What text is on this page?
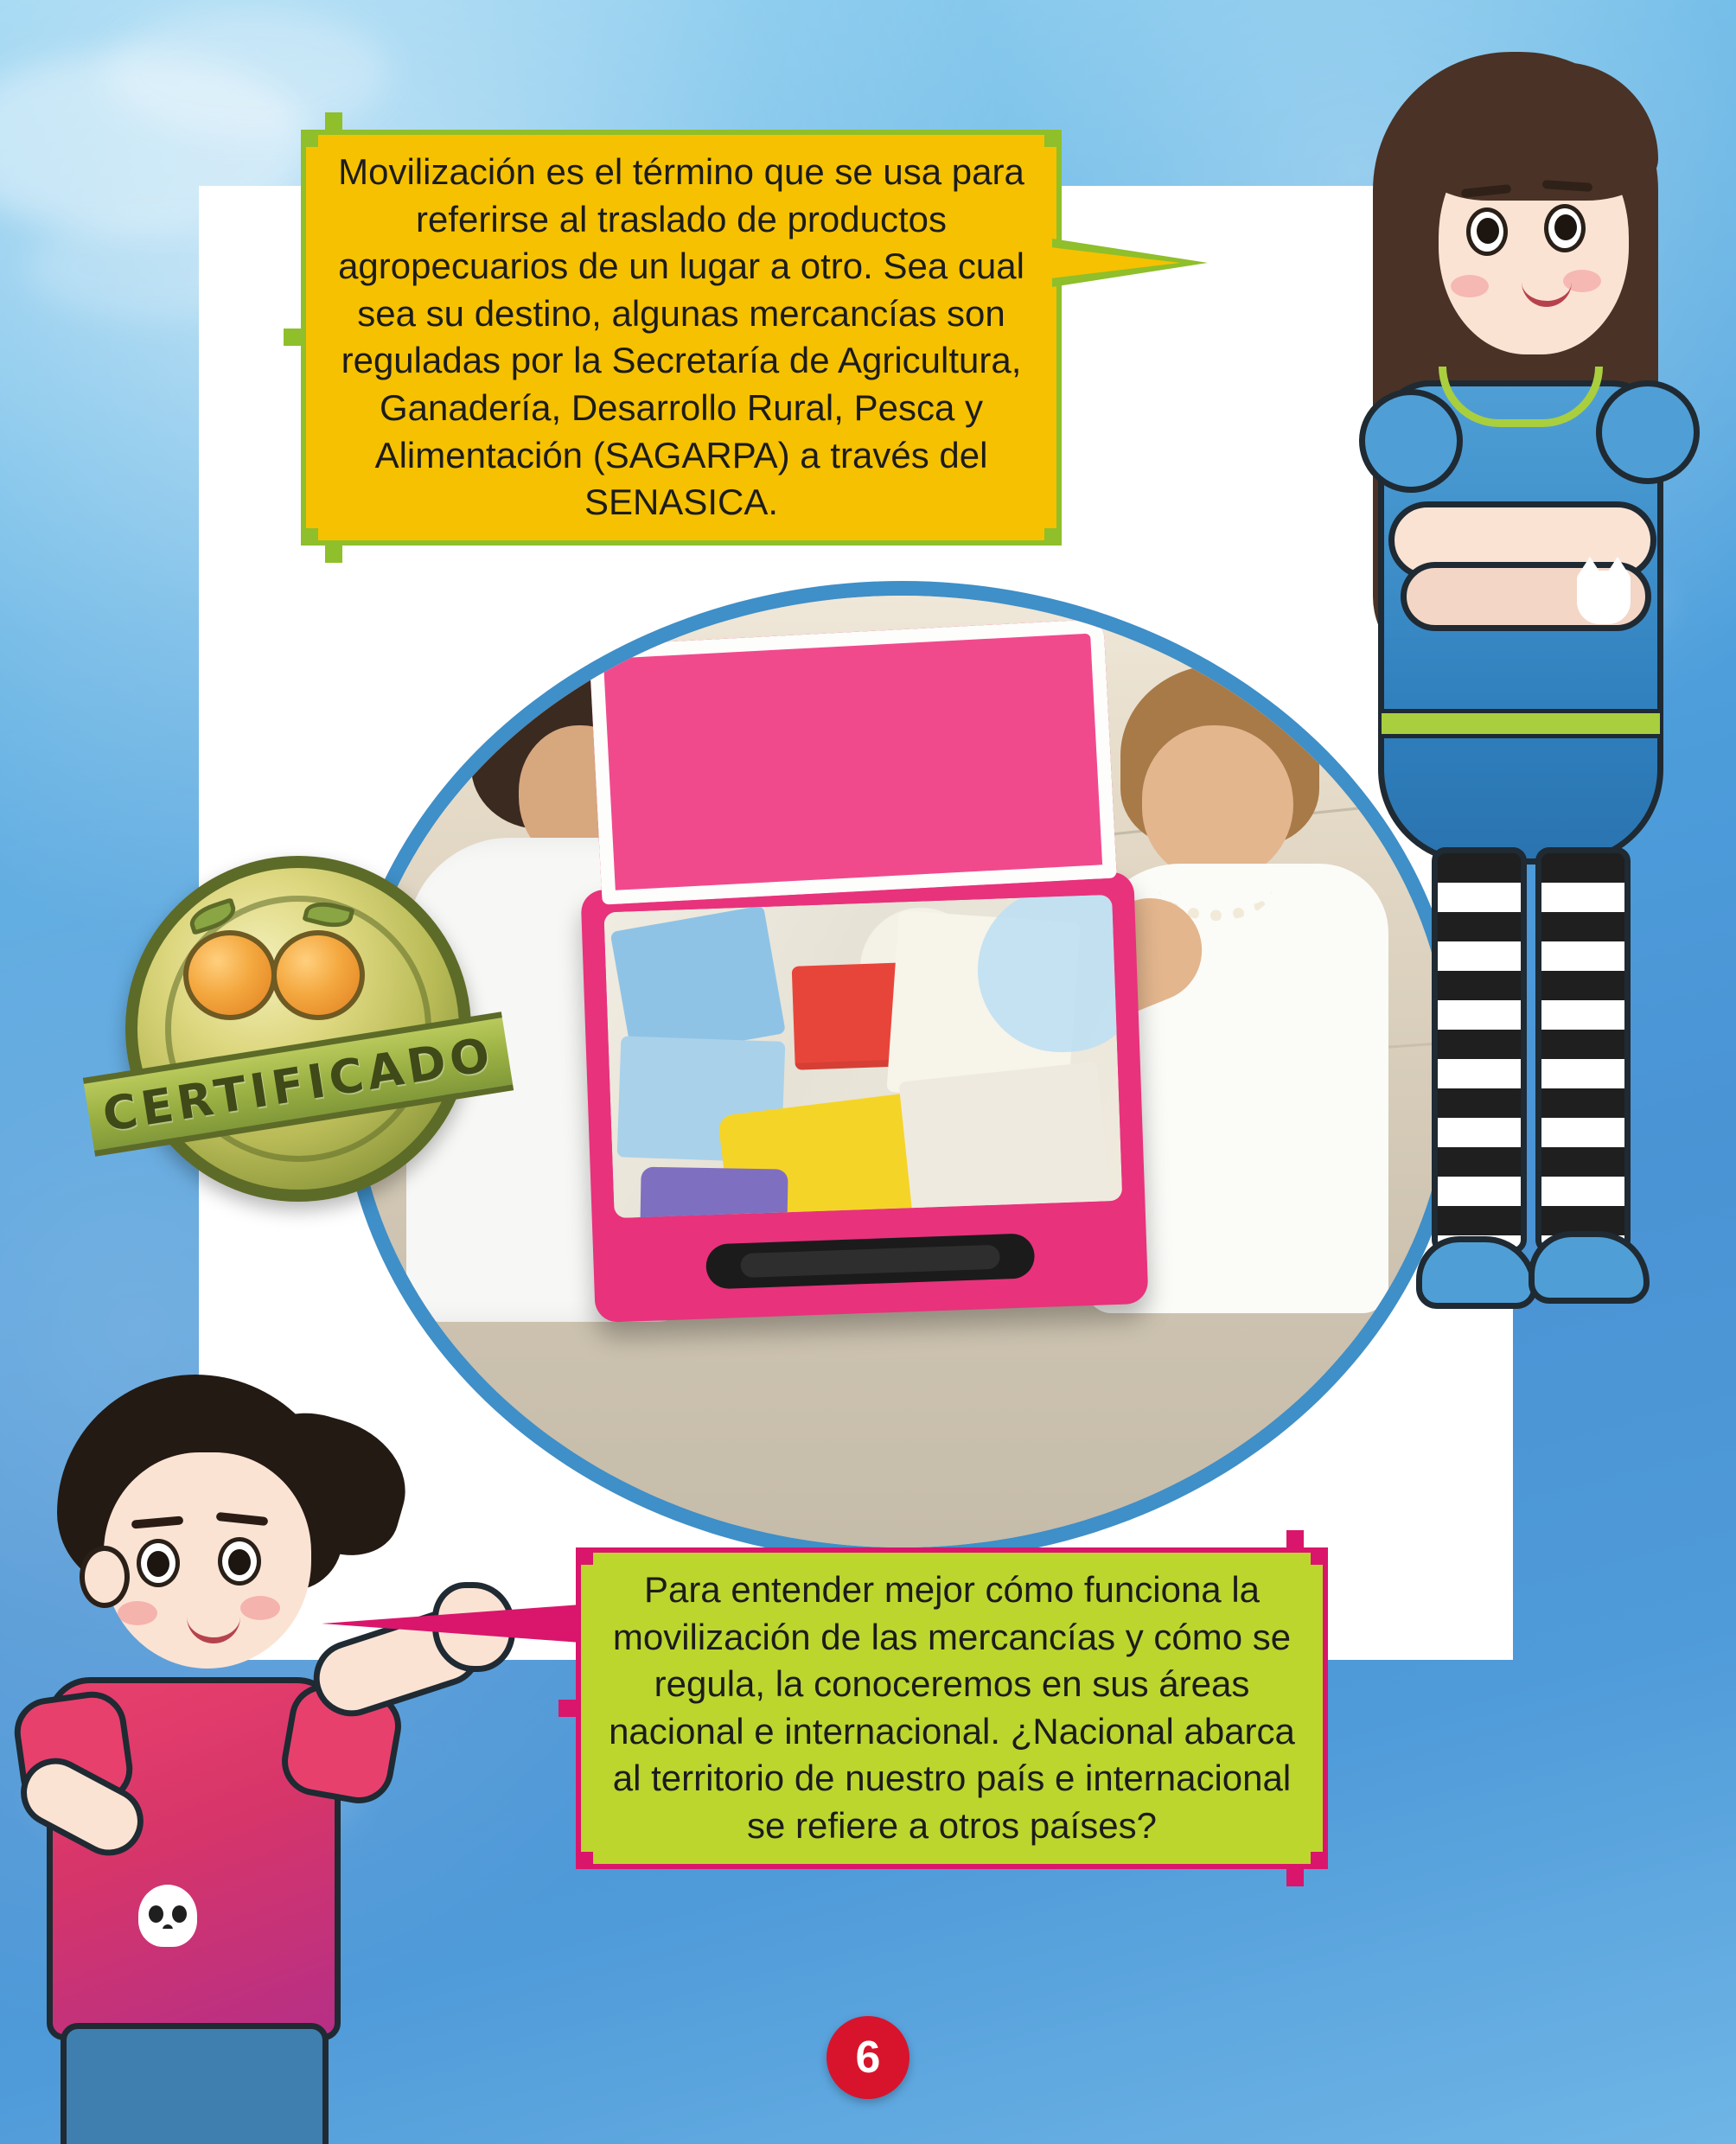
CERTIFICADO
Movilización es el término que se usa para referirse al traslado de productos agropecuarios de un lugar a otro. Sea cual sea su destino, algunas mercancías son reguladas por la Secretaría de Agricultura, Ganadería, Desarrollo Rural, Pesca y Alimentación (SAGARPA) a través del SENASICA.
Para entender mejor cómo funciona la movilización de las mercancías y cómo se regula, la conoceremos en sus áreas nacional e internacional. ¿Nacional abarca al territorio de nuestro país e internacional se refiere a otros países?
6
